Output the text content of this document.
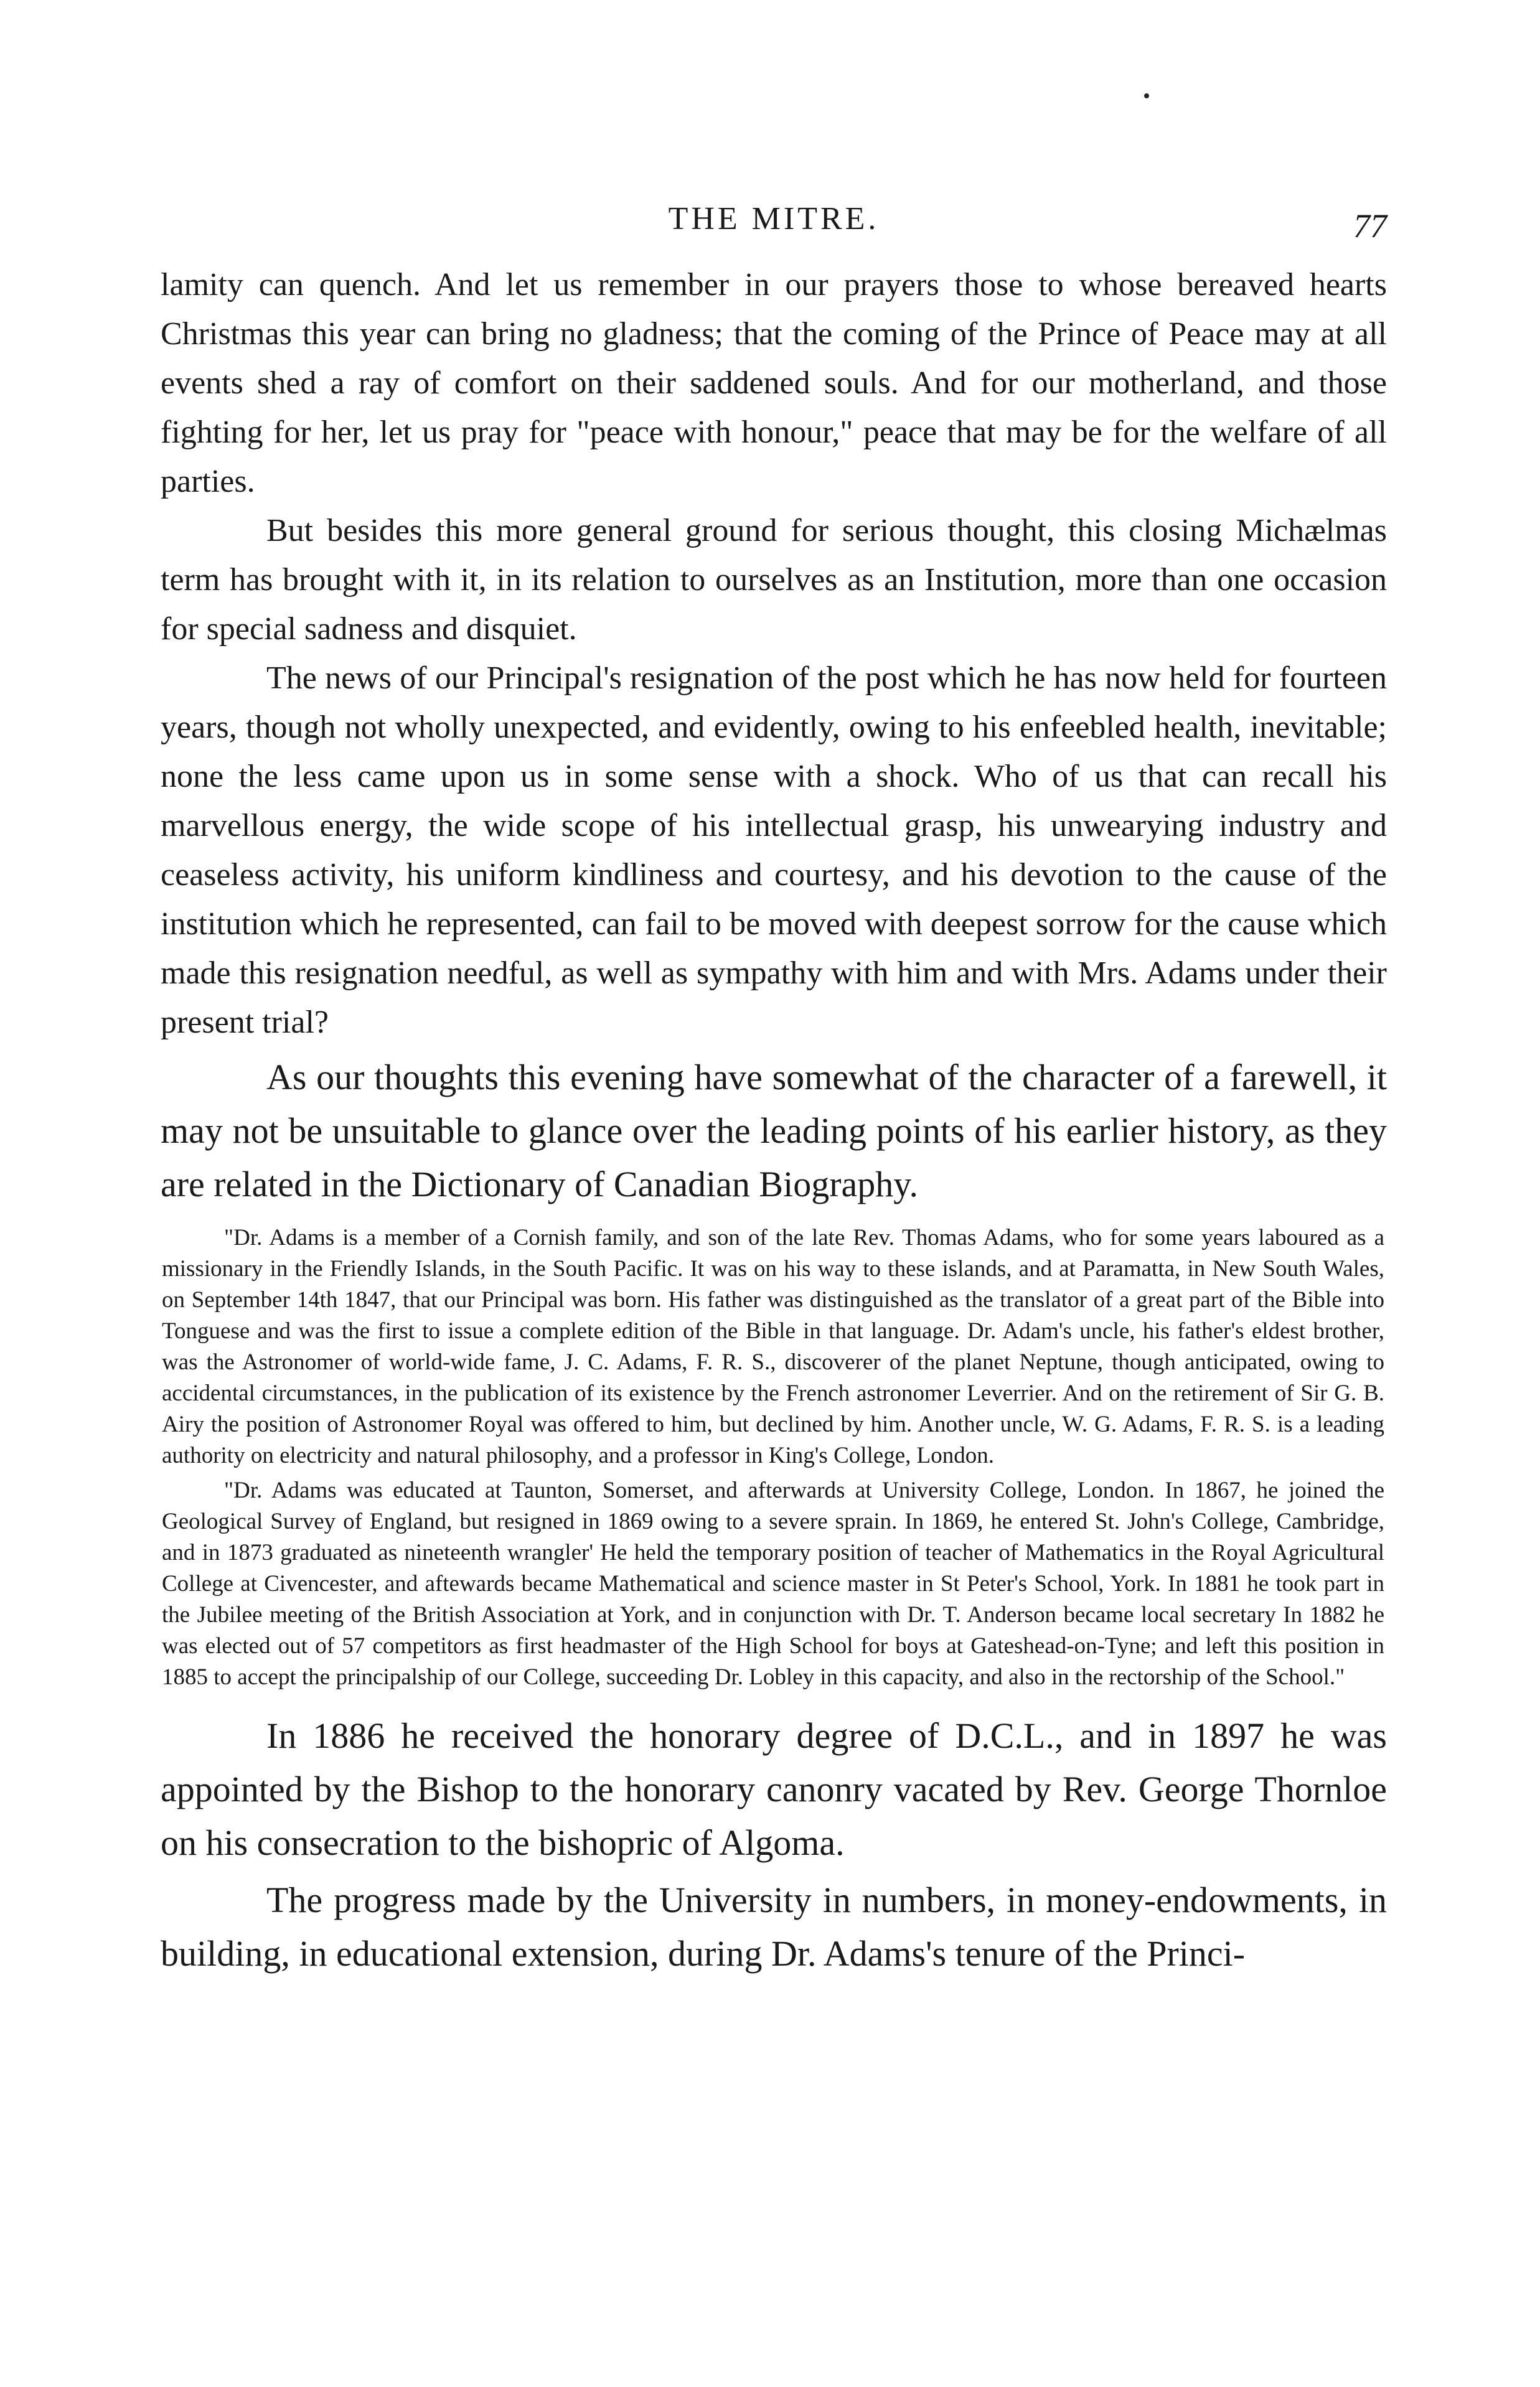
THE MITRE.	77

lamity can quench. And let us remember in our prayers those to whose bereaved hearts Christmas this year can bring no gladness; that the coming of the Prince of Peace may at all events shed a ray of comfort on their saddened souls. And for our motherland, and those fighting for her, let us pray for "peace with honour," peace that may be for the welfare of all parties.

But besides this more general ground for serious thought, this closing Michælmas term has brought with it, in its relation to ourselves as an Institution, more than one occasion for special sadness and disquiet.

The news of our Principal's resignation of the post which he has now held for fourteen years, though not wholly unexpected, and evidently, owing to his enfeebled health, inevitable; none the less came upon us in some sense with a shock. Who of us that can recall his marvellous energy, the wide scope of his intellectual grasp, his unwearying industry and ceaseless activity, his uniform kindliness and courtesy, and his devotion to the cause of the institution which he represented, can fail to be moved with deepest sorrow for the cause which made this resignation needful, as well as sympathy with him and with Mrs. Adams under their present trial?

As our thoughts this evening have somewhat of the character of a farewell, it may not be unsuitable to glance over the leading points of his earlier history, as they are related in the Dictionary of Canadian Biography.

"Dr. Adams is a member of a Cornish family, and son of the late Rev. Thomas Adams, who for some years laboured as a missionary in the Friendly Islands, in the South Pacific. It was on his way to these islands, and at Paramatta, in New South Wales, on September 14th 1847, that our Principal was born. His father was distinguished as the translator of a great part of the Bible into Tonguese and was the first to issue a complete edition of the Bible in that language. Dr. Adam's uncle, his father's eldest brother, was the Astronomer of world-wide fame, J. C. Adams, F. R. S., discoverer of the planet Neptune, though anticipated, owing to accidental circumstances, in the publication of its existence by the French astronomer Leverrier. And on the retirement of Sir G. B. Airy the position of Astronomer Royal was offered to him, but declined by him. Another uncle, W. G. Adams, F. R. S. is a leading authority on electricity and natural philosophy, and a professor in King's College, London.

"Dr. Adams was educated at Taunton, Somerset, and afterwards at University College, London. In 1867, he joined the Geological Survey of England, but resigned in 1869 owing to a severe sprain. In 1869, he entered St. John's College, Cambridge, and in 1873 graduated as nineteenth wrangler' He held the temporary position of teacher of Mathematics in the Royal Agricultural College at Civencester, and aftewards became Mathematical and science master in St Peter's School, York. In 1881 he took part in the Jubilee meeting of the British Association at York, and in conjunction with Dr. T. Anderson became local secretary In 1882 he was elected out of 57 competitors as first headmaster of the High School for boys at Gateshead-on-Tyne; and left this position in 1885 to accept the principalship of our College, succeeding Dr. Lobley in this capacity, and also in the rectorship of the School."

In 1886 he received the honorary degree of D.C.L., and in 1897 he was appointed by the Bishop to the honorary canonry vacated by Rev. George Thornloe on his consecration to the bishopric of Algoma.

The progress made by the University in numbers, in money-endowments, in building, in educational extension, during Dr. Adams's tenure of the Princi-
